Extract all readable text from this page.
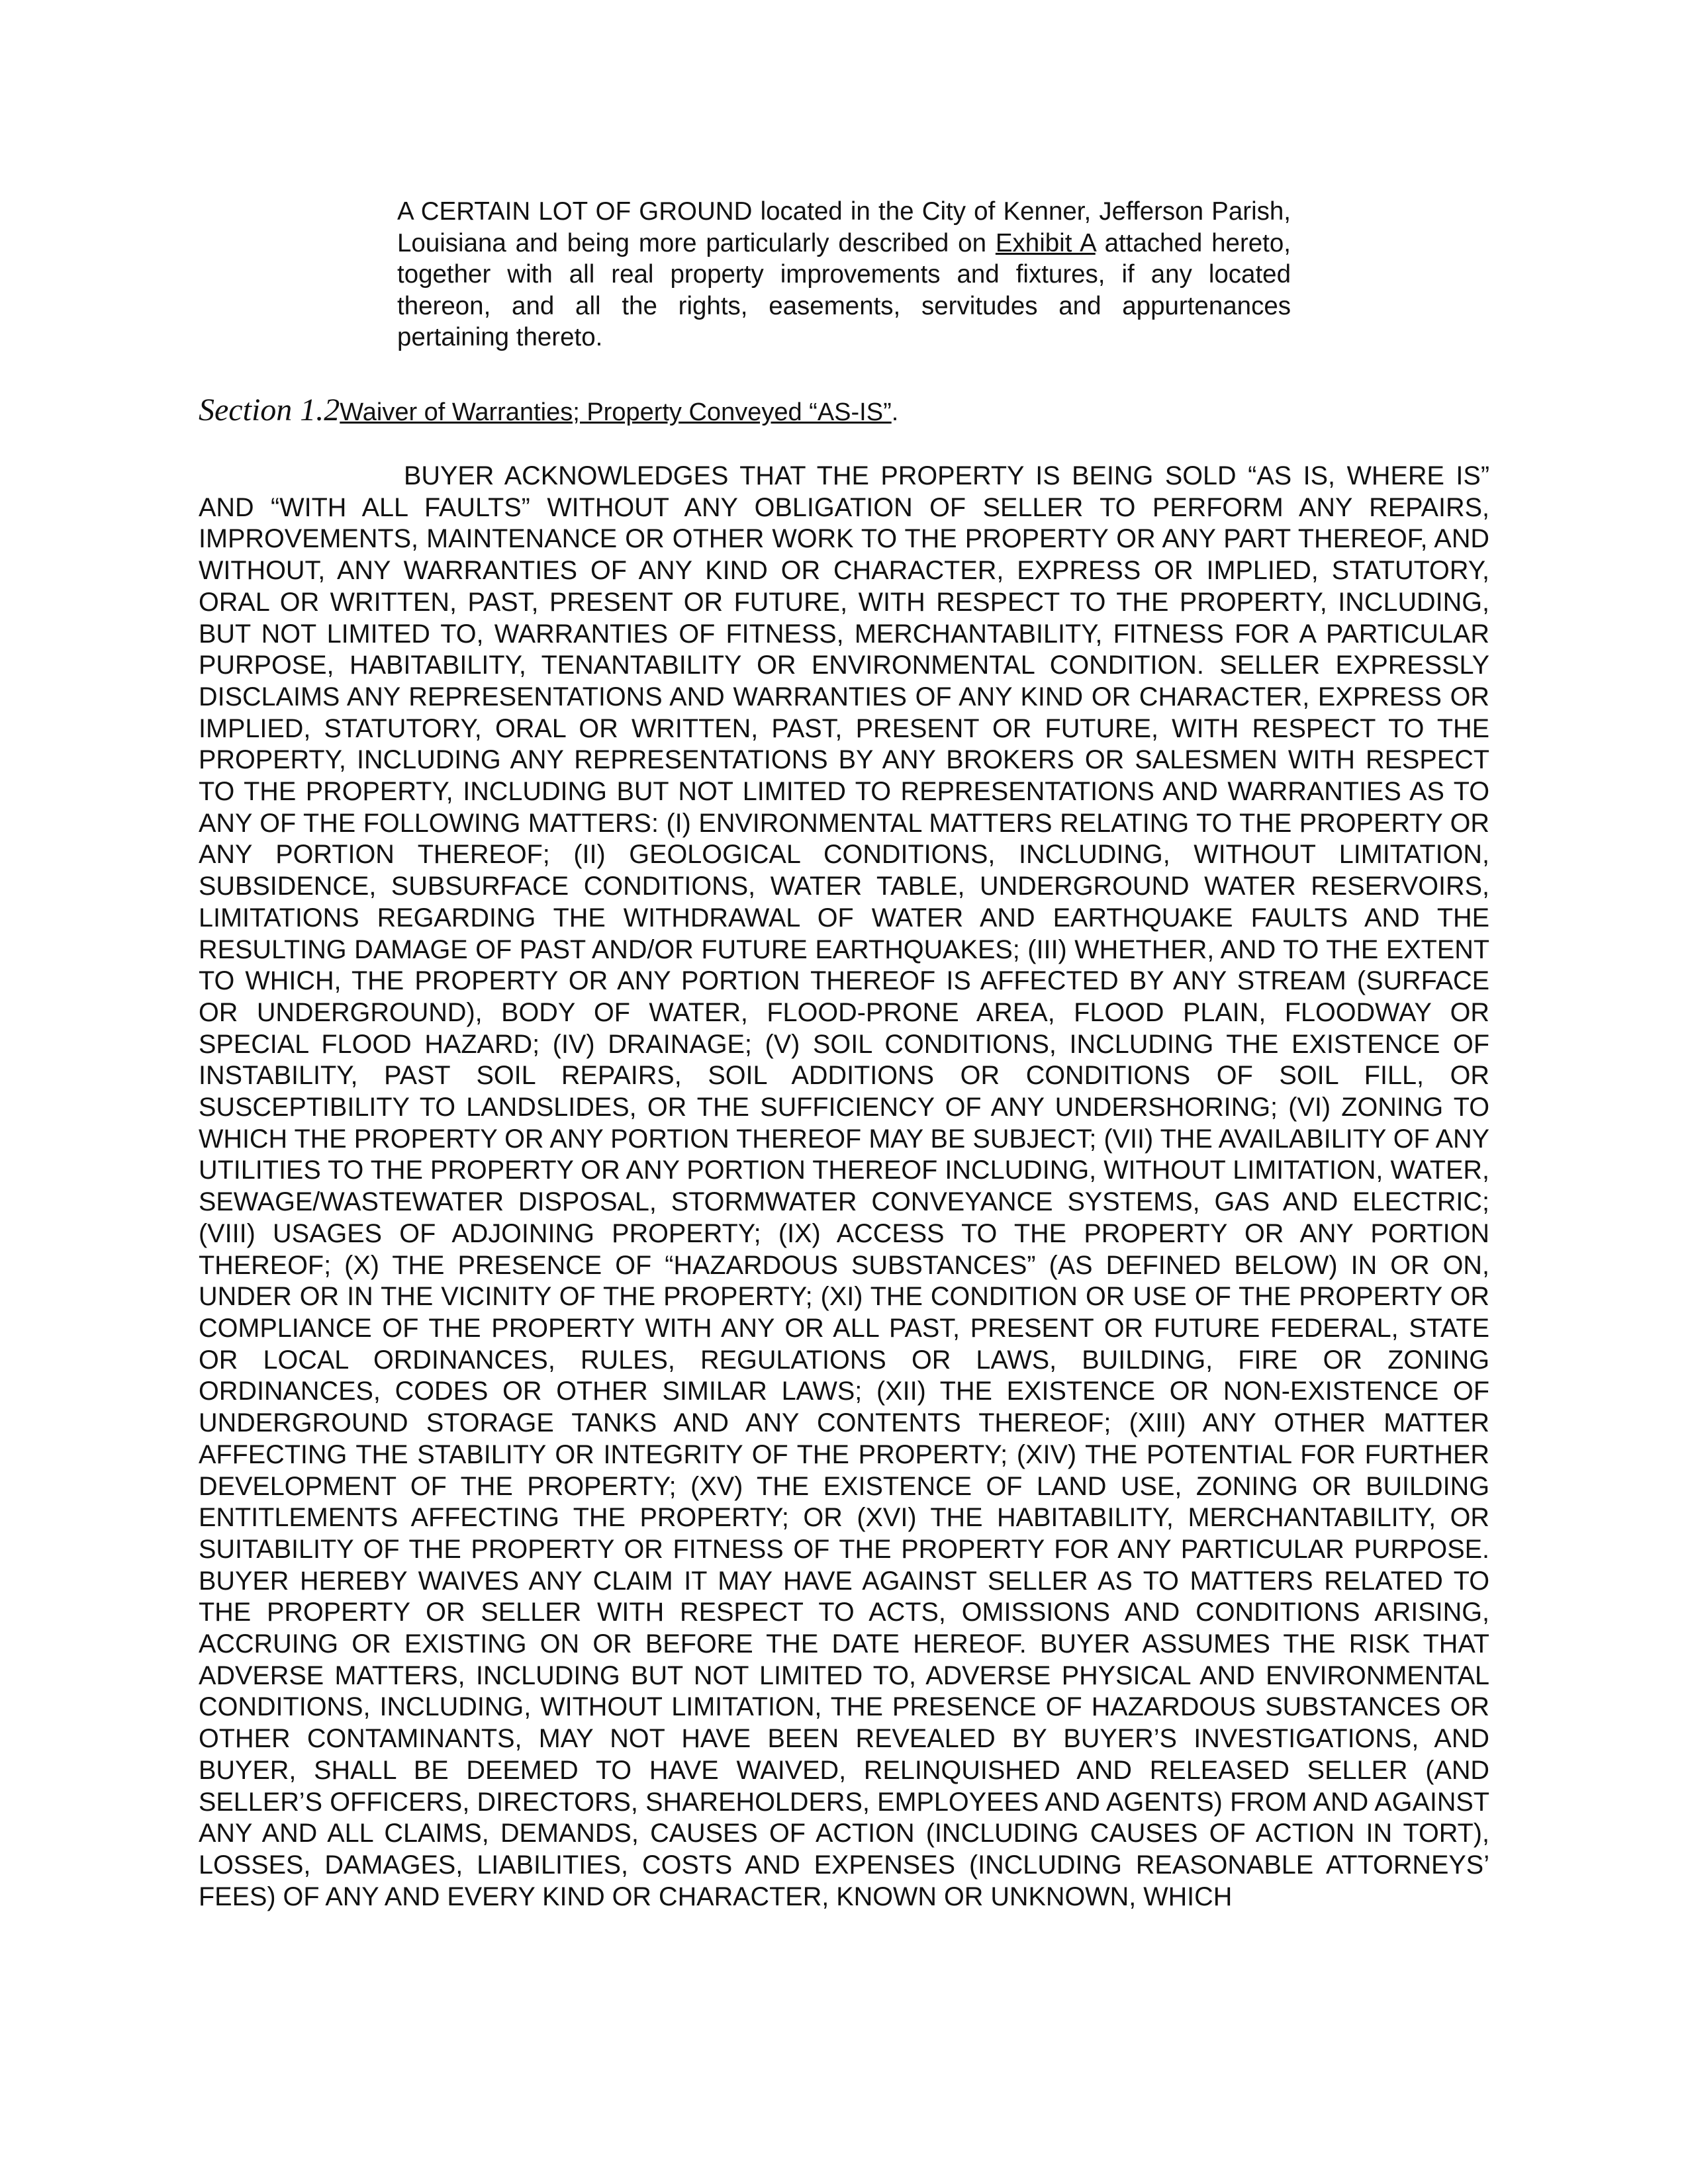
A CERTAIN LOT OF GROUND located in the City of Kenner, Jefferson Parish, Louisiana and being more particularly described on Exhibit A attached hereto, together with all real property improvements and fixtures, if any located thereon, and all the rights, easements, servitudes and appurtenances pertaining thereto.

Section 1.2Waiver of Warranties; Property Conveyed “AS-IS”.

BUYER ACKNOWLEDGES THAT THE PROPERTY IS BEING SOLD “AS IS, WHERE IS” AND “WITH ALL FAULTS” WITHOUT ANY OBLIGATION OF SELLER TO PERFORM ANY REPAIRS, IMPROVEMENTS, MAINTENANCE OR OTHER WORK TO THE PROPERTY OR ANY PART THEREOF, AND WITHOUT, ANY WARRANTIES OF ANY KIND OR CHARACTER, EXPRESS OR IMPLIED, STATUTORY, ORAL OR WRITTEN, PAST, PRESENT OR FUTURE, WITH RESPECT TO THE PROPERTY, INCLUDING, BUT NOT LIMITED TO, WARRANTIES OF FITNESS, MERCHANTABILITY, FITNESS FOR A PARTICULAR PURPOSE, HABITABILITY, TENANTABILITY OR ENVIRONMENTAL CONDITION. SELLER EXPRESSLY DISCLAIMS ANY REPRESENTATIONS AND WARRANTIES OF ANY KIND OR CHARACTER, EXPRESS OR IMPLIED, STATUTORY, ORAL OR WRITTEN, PAST, PRESENT OR FUTURE, WITH RESPECT TO THE PROPERTY, INCLUDING ANY REPRESENTATIONS BY ANY BROKERS OR SALESMEN WITH RESPECT TO THE PROPERTY, INCLUDING BUT NOT LIMITED TO REPRESENTATIONS AND WARRANTIES AS TO ANY OF THE FOLLOWING MATTERS: (I) ENVIRONMENTAL MATTERS RELATING TO THE PROPERTY OR ANY PORTION THEREOF; (II) GEOLOGICAL CONDITIONS, INCLUDING, WITHOUT LIMITATION, SUBSIDENCE, SUBSURFACE CONDITIONS, WATER TABLE, UNDERGROUND WATER RESERVOIRS, LIMITATIONS REGARDING THE WITHDRAWAL OF WATER AND EARTHQUAKE FAULTS AND THE RESULTING DAMAGE OF PAST AND/OR FUTURE EARTHQUAKES; (III) WHETHER, AND TO THE EXTENT TO WHICH, THE PROPERTY OR ANY PORTION THEREOF IS AFFECTED BY ANY STREAM (SURFACE OR UNDERGROUND), BODY OF WATER, FLOOD-PRONE AREA, FLOOD PLAIN, FLOODWAY OR SPECIAL FLOOD HAZARD; (IV) DRAINAGE; (V) SOIL CONDITIONS, INCLUDING THE EXISTENCE OF INSTABILITY, PAST SOIL REPAIRS, SOIL ADDITIONS OR CONDITIONS OF SOIL FILL, OR SUSCEPTIBILITY TO LANDSLIDES, OR THE SUFFICIENCY OF ANY UNDERSHORING; (VI) ZONING TO WHICH THE PROPERTY OR ANY PORTION THEREOF MAY BE SUBJECT; (VII) THE AVAILABILITY OF ANY UTILITIES TO THE PROPERTY OR ANY PORTION THEREOF INCLUDING, WITHOUT LIMITATION, WATER, SEWAGE/WASTEWATER DISPOSAL, STORMWATER CONVEYANCE SYSTEMS, GAS AND ELECTRIC; (VIII) USAGES OF ADJOINING PROPERTY; (IX) ACCESS TO THE PROPERTY OR ANY PORTION THEREOF; (X) THE PRESENCE OF “HAZARDOUS SUBSTANCES” (AS DEFINED BELOW) IN OR ON, UNDER OR IN THE VICINITY OF THE PROPERTY; (XI) THE CONDITION OR USE OF THE PROPERTY OR COMPLIANCE OF THE PROPERTY WITH ANY OR ALL PAST, PRESENT OR FUTURE FEDERAL, STATE OR LOCAL ORDINANCES, RULES, REGULATIONS OR LAWS, BUILDING, FIRE OR ZONING ORDINANCES, CODES OR OTHER SIMILAR LAWS; (XII) THE EXISTENCE OR NON-EXISTENCE OF UNDERGROUND STORAGE TANKS AND ANY CONTENTS THEREOF; (XIII) ANY OTHER MATTER AFFECTING THE STABILITY OR INTEGRITY OF THE PROPERTY; (XIV) THE POTENTIAL FOR FURTHER DEVELOPMENT OF THE PROPERTY; (XV) THE EXISTENCE OF LAND USE, ZONING OR BUILDING ENTITLEMENTS AFFECTING THE PROPERTY; OR (XVI) THE HABITABILITY, MERCHANTABILITY, OR SUITABILITY OF THE PROPERTY OR FITNESS OF THE PROPERTY FOR ANY PARTICULAR PURPOSE. BUYER HEREBY WAIVES ANY CLAIM IT MAY HAVE AGAINST SELLER AS TO MATTERS RELATED TO THE PROPERTY OR SELLER WITH RESPECT TO ACTS, OMISSIONS AND CONDITIONS ARISING, ACCRUING OR EXISTING ON OR BEFORE THE DATE HEREOF. BUYER ASSUMES THE RISK THAT ADVERSE MATTERS, INCLUDING BUT NOT LIMITED TO, ADVERSE PHYSICAL AND ENVIRONMENTAL CONDITIONS, INCLUDING, WITHOUT LIMITATION, THE PRESENCE OF HAZARDOUS SUBSTANCES OR OTHER CONTAMINANTS, MAY NOT HAVE BEEN REVEALED BY BUYER’S INVESTIGATIONS, AND BUYER, SHALL BE DEEMED TO HAVE WAIVED, RELINQUISHED AND RELEASED SELLER (AND SELLER’S OFFICERS, DIRECTORS, SHAREHOLDERS, EMPLOYEES AND AGENTS) FROM AND AGAINST ANY AND ALL CLAIMS, DEMANDS, CAUSES OF ACTION (INCLUDING CAUSES OF ACTION IN TORT), LOSSES, DAMAGES, LIABILITIES, COSTS AND EXPENSES (INCLUDING REASONABLE ATTORNEYS’ FEES) OF ANY AND EVERY KIND OR CHARACTER, KNOWN OR UNKNOWN, WHICH
